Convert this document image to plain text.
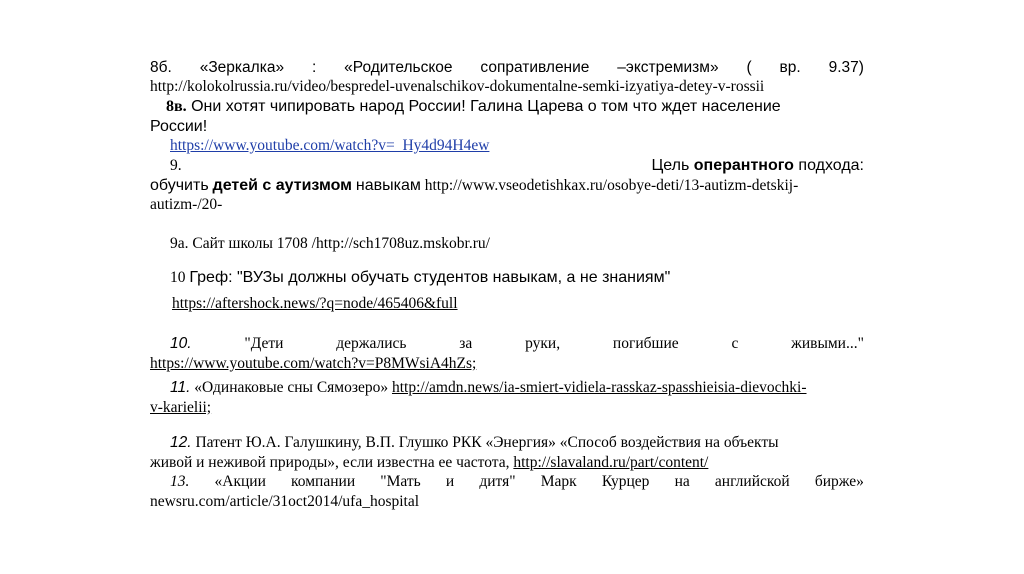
8б. «Зеркалка» : «Родительское сопративление –экстремизм» ( вр. 9.37)
http://kolokolrussia.ru/video/bespredel-uvenalschikov-dokumentalne-semki-izyatiya-detey-v-rossii
8в. Они хотят чипировать народ России! Галина Царева о том что ждет население
России!
https://www.youtube.com/watch?v=_Hy4d94H4ew
9.	Цель оперантного подхода:
обучить детей с аутизмом навыкам http://www.vseodetishkax.ru/osobye-deti/13-autizm-detskij-
autizm-/20-
9а. Сайт школы 1708 /http://sch1708uz.mskobr.ru/
10 Греф: "ВУЗы должны обучать студентов навыкам, а не знаниям"
https://aftershock.news/?q=node/465406&full
10.	"Дети	держались	за	руки,	погибшие	с	живыми..."
https://www.youtube.com/watch?v=P8MWsiA4hZs;
11. «Одинаковые сны Сямозеро» http://amdn.news/ia-smiert-vidiela-rasskaz-spasshieisia-dievochki-
v-karielii;
12. Патент Ю.А. Галушкину, В.П. Глушко РКК «Энергия» «Способ воздействия на объекты
живой и неживой природы», если известна ее частота, http://slavaland.ru/part/content/
13. «Акции компании "Мать и дитя" Марк Курцер на английской бирже»
newsru.com/article/31oct2014/ufa_hospital
